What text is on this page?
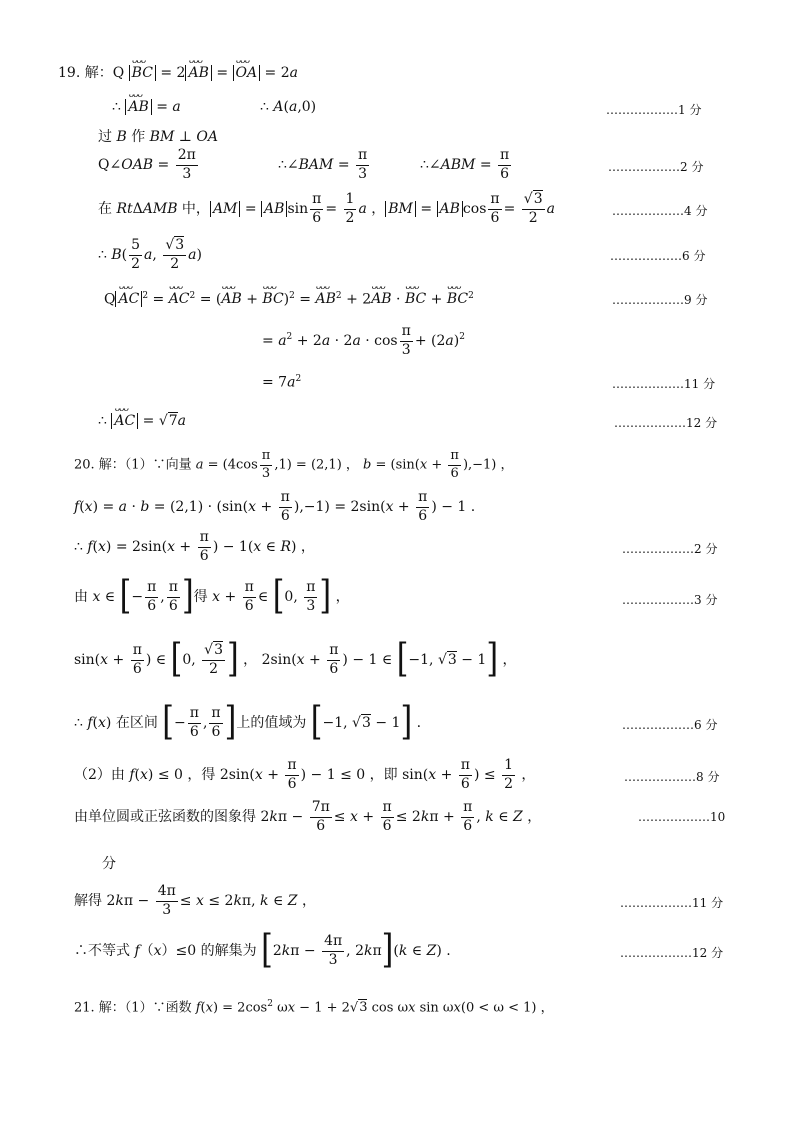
19. 解：Q ᴗᴗᴗ BC = 2 ᴗᴗᴗ AB = ᴗᴗᴗ OA = 2a
∴ ᴗᴗᴗ AB = a	∴ A(a,0)	………………1 分
过 B 作 BM ⊥ OA
Q∠OAB = $\frac{2\pi}{3}$	∴∠BAM = $\frac{\pi}{3}$	∴∠ABM = $\frac{\pi}{6}$	………………2 分
在 RtΔAMB 中， AM = AB $\sin \frac{\pi}{6} = \frac{1}{2}$ a ， BM = AB $\cos \frac{\pi}{6} = \frac{√3}{2}$ a	………………4 分
∴ $B( \frac{5}{2} a$, $\frac{√3}{2} a$)	………………6 分
Q ᴗᴗᴗ AC $^2$ = ᴗᴗᴗ $AC^2$ = (ᴗᴗᴗ AB + ᴗᴗᴗ BC)$^2$ = ᴗᴗᴗ $AB^2$ + 2ᴗᴗᴗ AB · ᴗᴗᴗ BC + ᴗᴗᴗ $BC^2$	………………9 分
= $a^2 + 2a \cdot 2a \cdot \cos \frac{\pi}{3} + (2a)^2$
= $7a^2$	………………11 分
∴ ᴗᴗᴗ AC = √7a	………………12 分
20. 解：（1）∵向量 $a = (4\cos \frac{\pi}{3} ,1) = (2,1)$ ， $b = (\sin(x + \frac{\pi}{6} ),-1)$ ，
$f(x) = a \cdot b = (2,1) \cdot (\sin(x + \frac{\pi}{6} ),-1) = 2\sin(x + \frac{\pi}{6}$ ) − 1 .
∴ $f(x) = 2\sin(x + \frac{\pi}{6}$ ) − 1(x ∈ R) ，	………………2 分
由 x ∈ [− $\frac{\pi}{6}$ , $\frac{\pi}{6}$ ]得 $x + \frac{\pi}{6}$ ∈ [0, $\frac{\pi}{3}$ ] ，	………………3 分
$\sin(x + \frac{\pi}{6}$ ) ∈ [0, $\frac{√3}{2}$ ] ， $2\sin(x + \frac{\pi}{6}$ ) − 1 ∈ [−1, √3 − 1] ，
∴ f(x) 在区间 [− $\frac{\pi}{6}$ , $\frac{\pi}{6}$ ]上的值域为 [−1, √3 − 1] .	………………6 分
（2）由 f(x) ≤ 0 ，得 $2\sin(x + \frac{\pi}{6}$ ) − 1 ≤ 0 ，即 $\sin(x + \frac{\pi}{6}$ ) ≤ $\frac{1}{2}$ ，	………………8 分
由单位圆或正弦函数的图象得 $2k\pi - \frac{7\pi}{6} \le x + \frac{\pi}{6} \le 2k\pi + \frac{\pi}{6}$ , k ∈ Z ，	………………10
分
解得 $2k\pi - \frac{4\pi}{3} \le x \le 2k\pi$, k ∈ Z ，	………………11 分
∴不等式 f（x）≤0 的解集为 [$2k\pi - \frac{4\pi}{3}$ , 2kπ](k ∈ Z) .	………………12 分
21. 解：（1）∵函数 $f(x) = 2\cos^2$ ωx − 1 + 2√3 cos ωx sin ωx(0 < ω < 1) ，
